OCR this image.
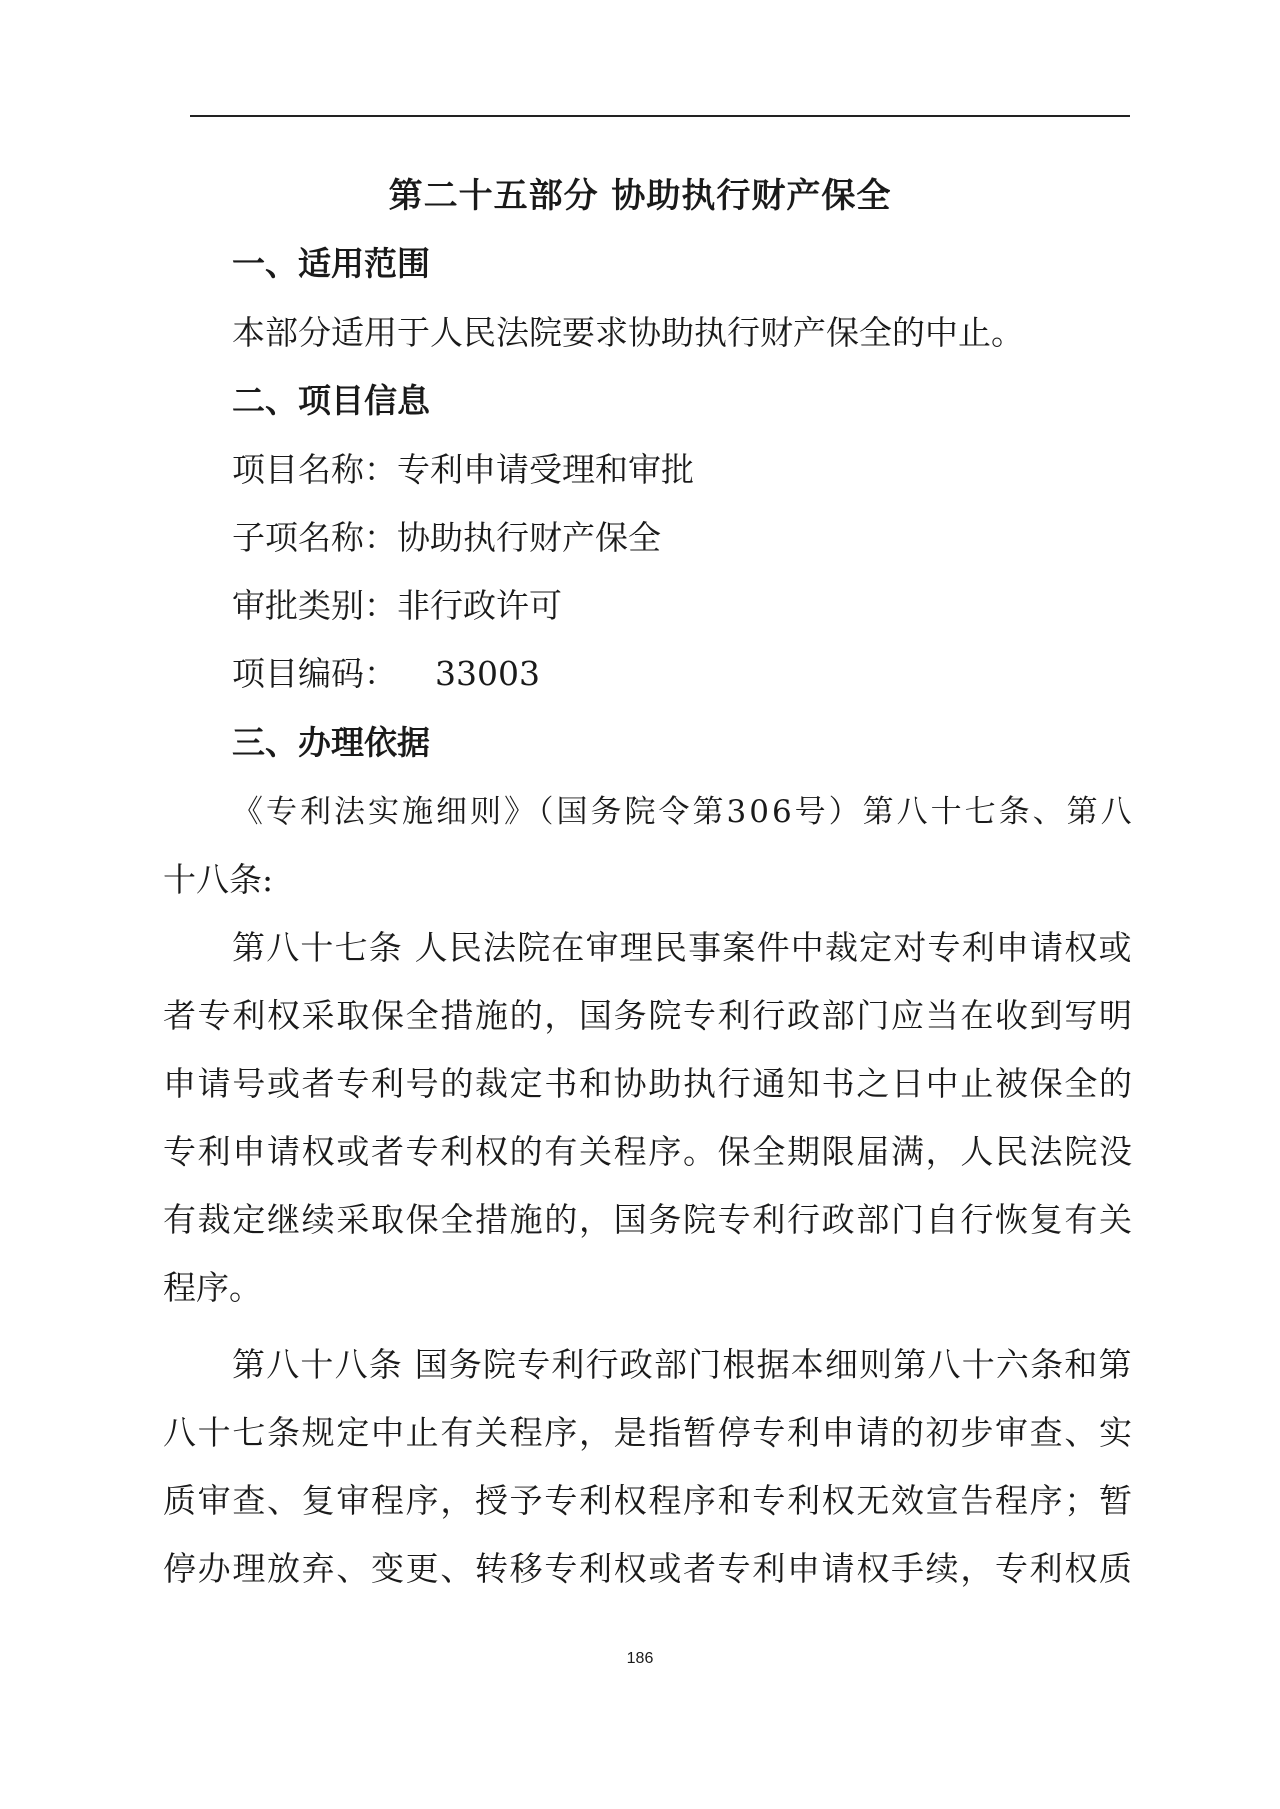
第二十五部分 协助执行财产保全
一、适用范围
本部分适用于人民法院要求协助执行财产保全的中止。
二、项目信息
项目名称：专利申请受理和审批
子项名称：协助执行财产保全
审批类别：非行政许可
项目编码： 33003
三、办理依据
《专利法实施细则》（国务院令第306号）第八十七条、第八
十八条:
第八十七条 人民法院在审理民事案件中裁定对专利申请权或
者专利权采取保全措施的，国务院专利行政部门应当在收到写明
申请号或者专利号的裁定书和协助执行通知书之日中止被保全的
专利申请权或者专利权的有关程序。保全期限届满，人民法院没
有裁定继续采取保全措施的，国务院专利行政部门自行恢复有关
程序。
第八十八条 国务院专利行政部门根据本细则第八十六条和第
八十七条规定中止有关程序，是指暂停专利申请的初步审查、实
质审查、复审程序，授予专利权程序和专利权无效宣告程序；暂
停办理放弃、变更、转移专利权或者专利申请权手续，专利权质
186
